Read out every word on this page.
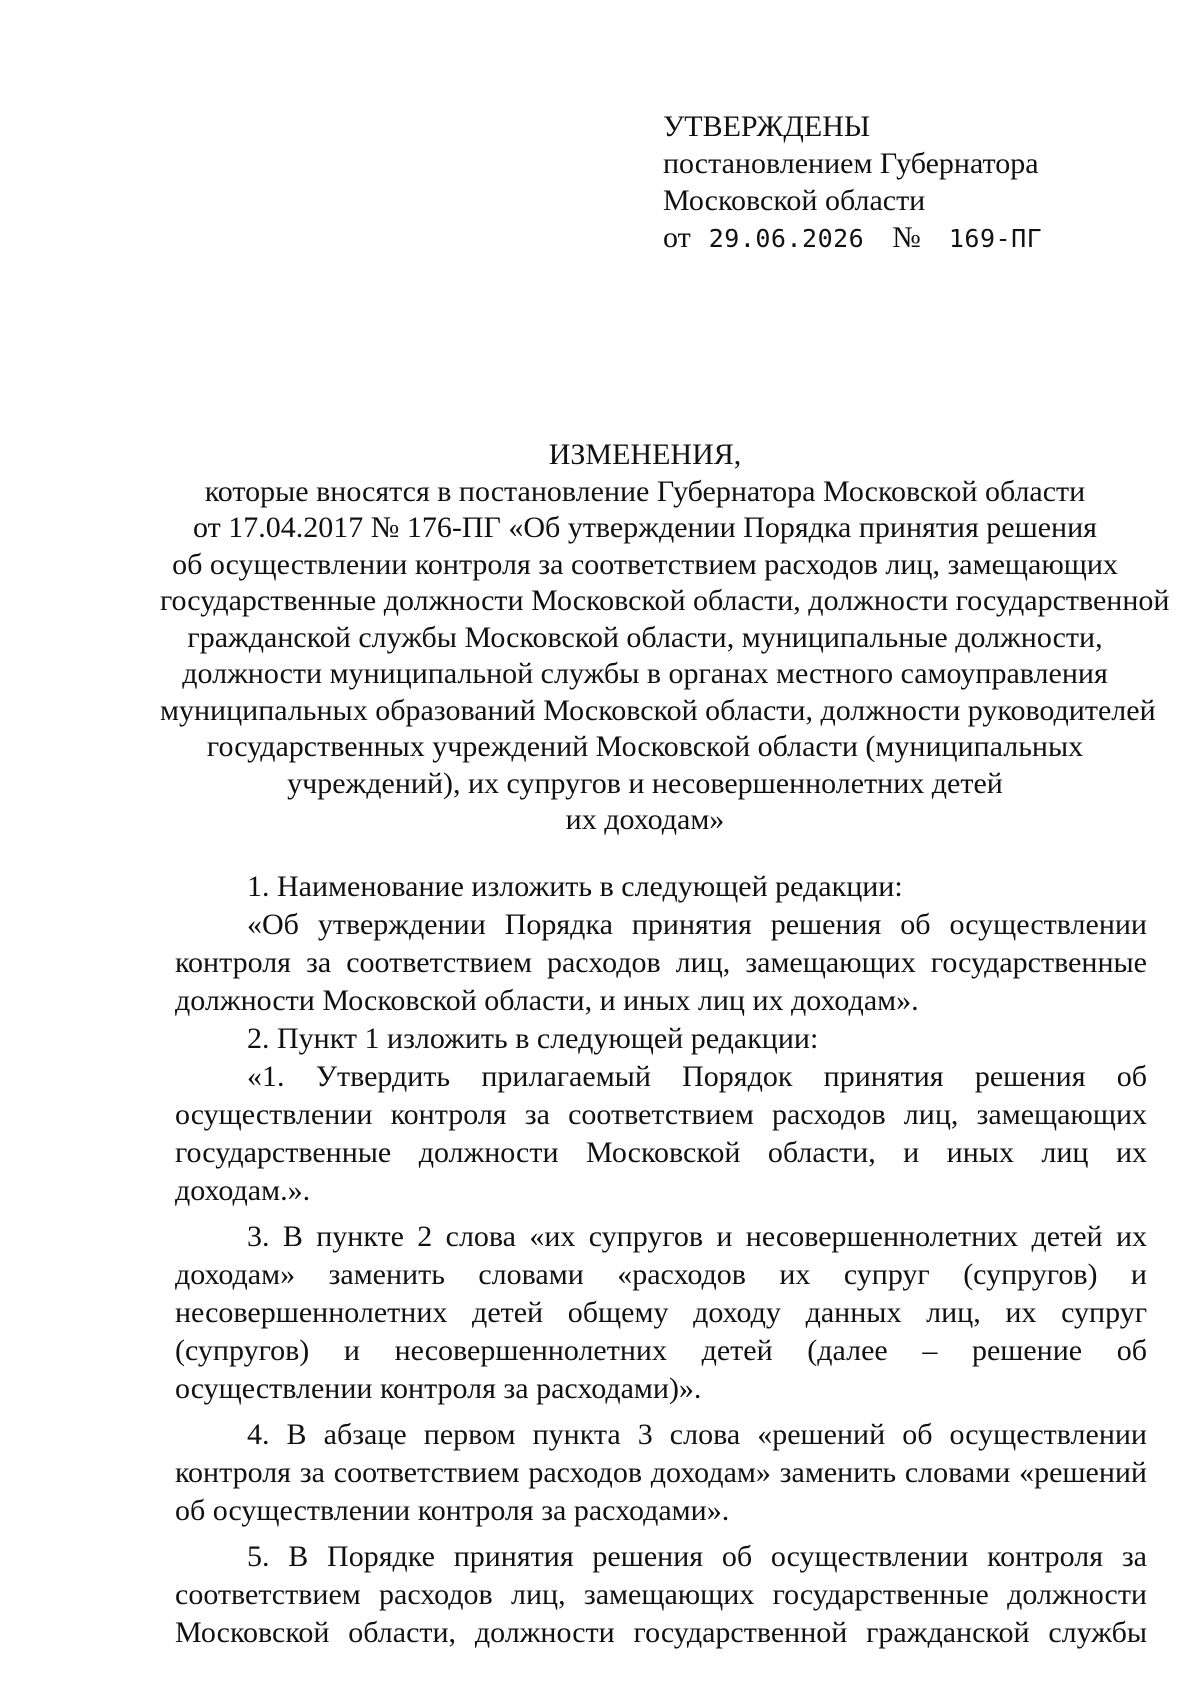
УТВЕРЖДЕНЫ
постановлением Губернатора
Московской области
от 29.06.2026 № 169-ПГ
ИЗМЕНЕНИЯ,
которые вносятся в постановление Губернатора Московской области
от 17.04.2017 № 176-ПГ «Об утверждении Порядка принятия решения
об осуществлении контроля за соответствием расходов лиц, замещающих
государственные должности Московской области, должности государственной
гражданской службы Московской области, муниципальные должности,
должности муниципальной службы в органах местного самоуправления
муниципальных образований Московской области, должности руководителей
государственных учреждений Московской области (муниципальных
учреждений), их супругов и несовершеннолетних детей
их доходам»

1. Наименование изложить в следующей редакции:

«Об утверждении Порядка принятия решения об осуществлении контроля за соответствием расходов лиц, замещающих государственные должности Московской области, и иных лиц их доходам».

2. Пункт 1 изложить в следующей редакции:

«1. Утвердить прилагаемый Порядок принятия решения об осуществлении контроля за соответствием расходов лиц, замещающих государственные должности Московской области, и иных лиц их доходам.».

3. В пункте 2 слова «их супругов и несовершеннолетних детей их доходам» заменить словами «расходов их супруг (супругов) и несовершеннолетних детей общему доходу данных лиц, их супруг (супругов) и несовершеннолетних детей (далее – решение об осуществлении контроля за расходами)».

4. В абзаце первом пункта 3 слова «решений об осуществлении контроля за соответствием расходов доходам» заменить словами «решений об осуществлении контроля за расходами».

5. В Порядке принятия решения об осуществлении контроля за соответствием расходов лиц, замещающих государственные должности Московской области, должности государственной гражданской службы
